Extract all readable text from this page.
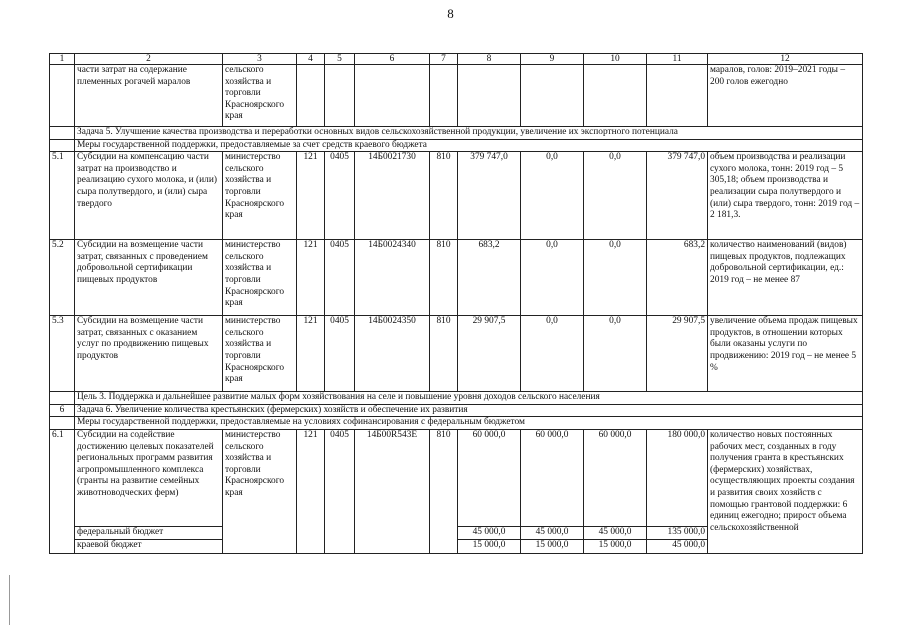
8
1	2	3	4	5	6	7	8	9	10	11	12
	части затрат на содержание племенных рогачей маралов	сельского хозяйства и торговли Красноярского края									маралов, голов: 2019–2021 годы – 200 голов ежегодно
	Задача 5. Улучшение качества производства и переработки основных видов сельскохозяйственной продукции, увеличение их экспортного потенциала										
	Меры государственной поддержки, предоставляемые за счет средств краевого бюджета										
5.1	Субсидии на компенсацию части затрат на производство и реализацию сухого молока, и (или) сыра полутвердого, и (или) сыра твердого	министерство сельского хозяйства и торговли Красноярского края	121	0405	14Б0021730	810	379 747,0	0,0	0,0	379 747,0	объем производства и реализации сухого молока, тонн: 2019 год – 5 305,18; объем производства и реализации сыра полутвердого и (или) сыра твердого, тонн: 2019 год – 2 181,3.
5.2	Субсидии на возмещение части затрат, связанных с проведением добровольной сертификации пищевых продуктов	министерство сельского хозяйства и торговли Красноярского края	121	0405	14Б0024340	810	683,2	0,0	0,0	683,2	количество наименований (видов) пищевых продуктов, подлежащих добровольной сертификации, ед.: 2019 год – не менее 87
5.3	Субсидии на возмещение части затрат, связанных с оказанием услуг по продвижению пищевых продуктов	министерство сельского хозяйства и торговли Красноярского края	121	0405	14Б0024350	810	29 907,5	0,0	0,0	29 907,5	увеличение объема продаж пищевых продуктов, в отношении которых были оказаны услуги по продвижению: 2019 год – не менее 5 %
	Цель 3. Поддержка и дальнейшее развитие малых форм хозяйствования на селе и повышение уровня доходов сельского населения										
6	Задача 6. Увеличение количества крестьянских (фермерских) хозяйств и обеспечение их развития										
	Меры государственной поддержки, предоставляемые на условиях софинансирования с федеральным бюджетом										
6.1	Субсидии на содействие достижению целевых показателей региональных программ развития агропромышленного комплекса (гранты на развитие семейных животноводческих ферм)	министерство сельского хозяйства и торговли Красноярского края	121	0405	14Б00R543Е	810	60 000,0	60 000,0	60 000,0	180 000,0	количество новых постоянных рабочих мест, созданных в году получения гранта в крестьянских (фермерских) хозяйствах, осуществляющих проекты создания и развития своих хозяйств с помощью грантовой поддержки: 6 единиц ежегодно; прирост объема сельскохозяйственной
	федеральный бюджет						45 000,0	45 000,0	45 000,0	135 000,0	
	краевой бюджет						15 000,0	15 000,0	15 000,0	45 000,0	
